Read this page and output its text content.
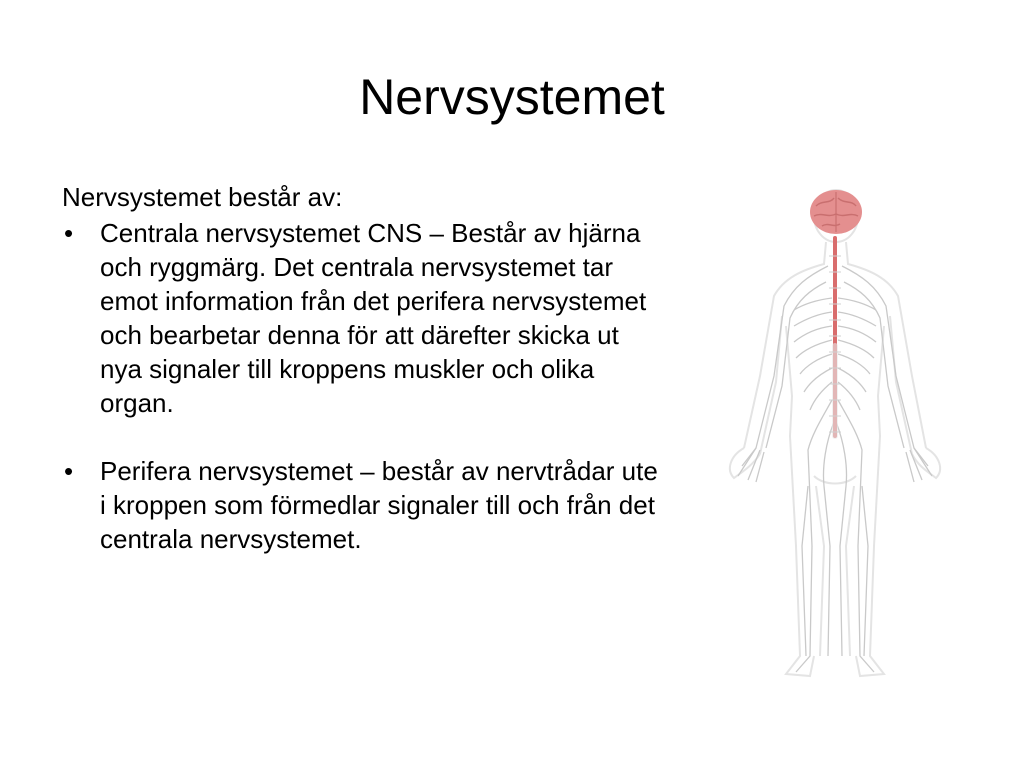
Nervsystemet

Nervsystemet består av:

• Centrala nervsystemet CNS – Består av hjärna och ryggmärg. Det centrala nervsystemet tar emot information från det perifera nervsystemet och bearbetar denna för att därefter skicka ut nya signaler till kroppens muskler och olika organ.
• Perifera nervsystemet – består av nervtrådar ute i kroppen som förmedlar signaler till och från det centrala nervsystemet.
